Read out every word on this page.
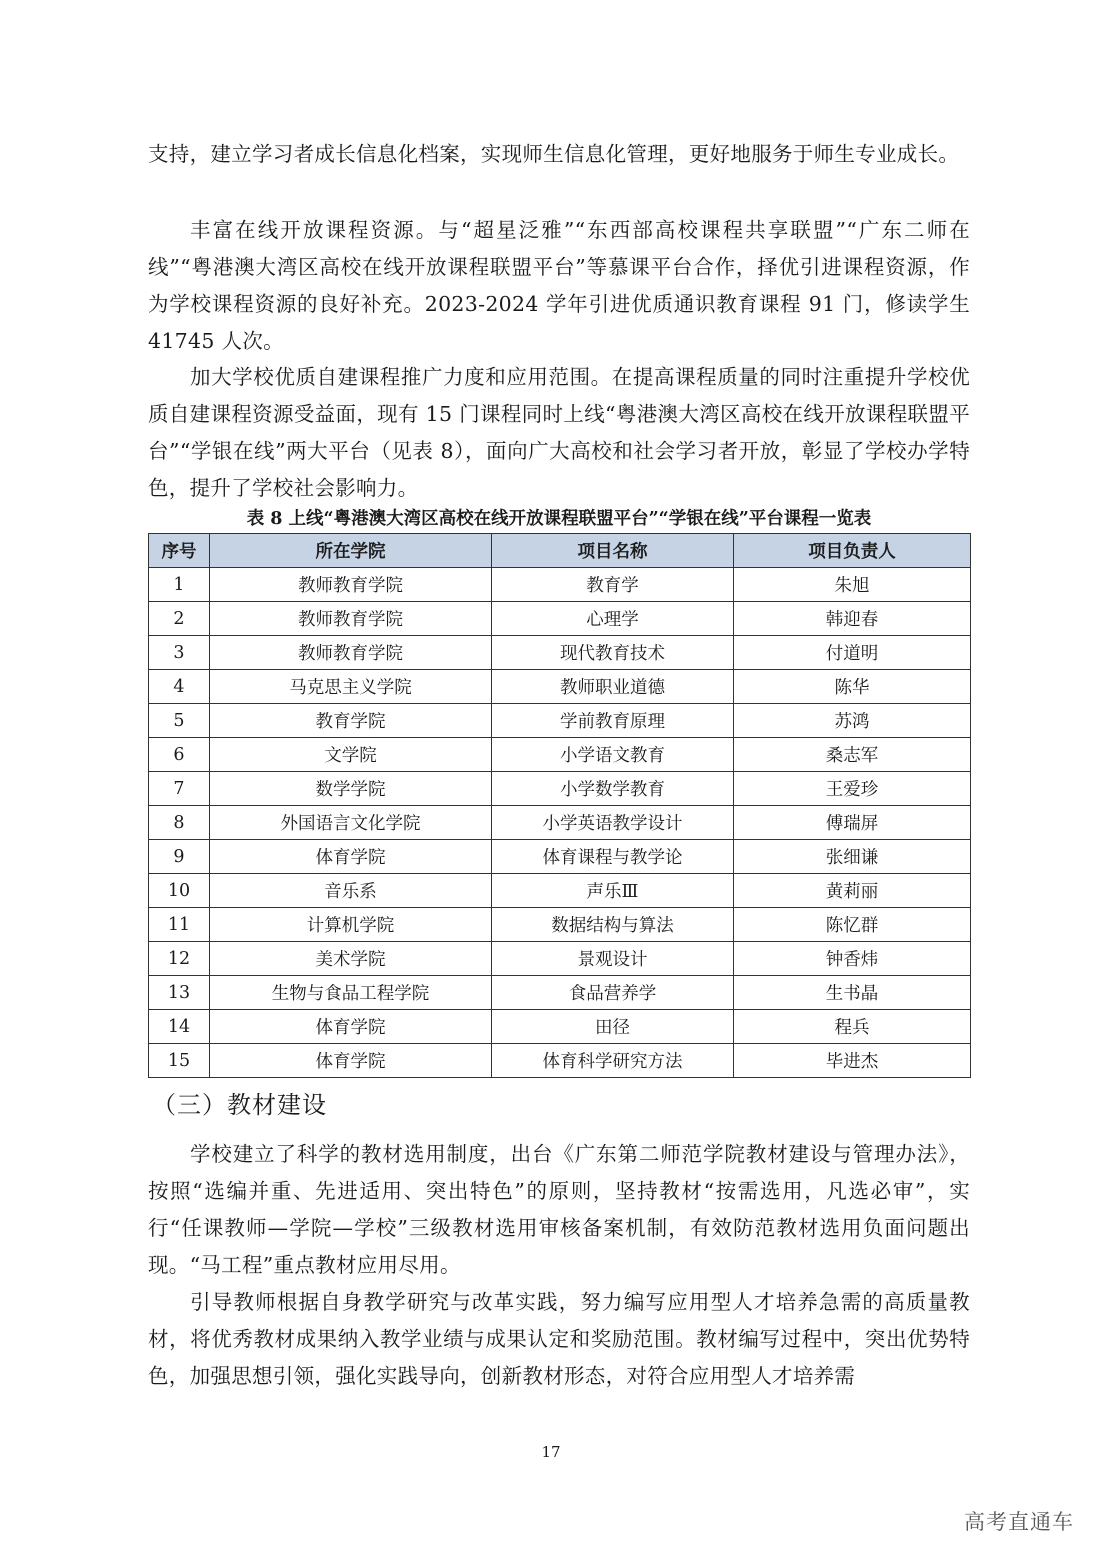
支持，建立学习者成长信息化档案，实现师生信息化管理，更好地服务于师生专业成长。

丰富在线开放课程资源。与“超星泛雅”“东西部高校课程共享联盟”“广东二师在线”“粤港澳大湾区高校在线开放课程联盟平台”等慕课平台合作，择优引进课程资源，作为学校课程资源的良好补充。2023-2024 学年引进优质通识教育课程 91 门，修读学生 41745 人次。

加大学校优质自建课程推广力度和应用范围。在提高课程质量的同时注重提升学校优质自建课程资源受益面，现有 15 门课程同时上线“粤港澳大湾区高校在线开放课程联盟平台”“学银在线”两大平台（见表 8），面向广大高校和社会学习者开放，彰显了学校办学特色，提升了学校社会影响力。

表 8 上线“粤港澳大湾区高校在线开放课程联盟平台”“学银在线”平台课程一览表

序号	所在学院	项目名称	项目负责人
1	教师教育学院	教育学	朱旭
2	教师教育学院	心理学	韩迎春
3	教师教育学院	现代教育技术	付道明
4	马克思主义学院	教师职业道德	陈华
5	教育学院	学前教育原理	苏鸿
6	文学院	小学语文教育	桑志军
7	数学学院	小学数学教育	王爱珍
8	外国语言文化学院	小学英语教学设计	傅瑞屏
9	体育学院	体育课程与教学论	张细谦
10	音乐系	声乐Ⅲ	黄莉丽
11	计算机学院	数据结构与算法	陈忆群
12	美术学院	景观设计	钟香炜
13	生物与食品工程学院	食品营养学	生书晶
14	体育学院	田径	程兵
15	体育学院	体育科学研究方法	毕进杰
（三）教材建设

学校建立了科学的教材选用制度，出台《广东第二师范学院教材建设与管理办法》，按照“选编并重、先进适用、突出特色”的原则，坚持教材“按需选用，凡选必审”，实行“任课教师—学院—学校”三级教材选用审核备案机制，有效防范教材选用负面问题出现。“马工程”重点教材应用尽用。

引导教师根据自身教学研究与改革实践，努力编写应用型人才培养急需的高质量教材，将优秀教材成果纳入教学业绩与成果认定和奖励范围。教材编写过程中，突出优势特色，加强思想引领，强化实践导向，创新教材形态，对符合应用型人才培养需

17
高考直通车
